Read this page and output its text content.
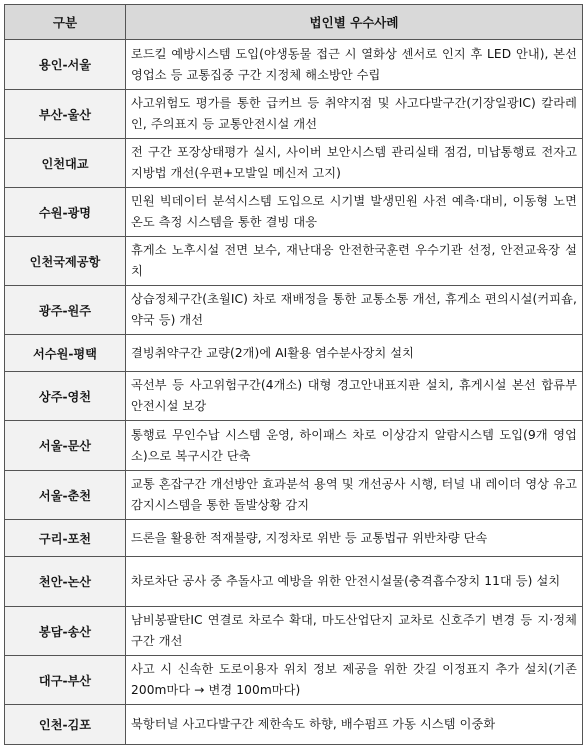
구분	법인별 우수사례
용인-서울	로드킬 예방시스템 도입(야생동물 접근 시 열화상 센서로 인지 후 LED 안내), 본선 영업소 등 교통집중 구간 지정체 해소방안 수립
부산-울산	사고위험도 평가를 통한 급커브 등 취약지점 및 사고다발구간(기장일광IC) 칼라레인, 주의표지 등 교통안전시설 개선
인천대교	전 구간 포장상태평가 실시, 사이버 보안시스템 관리실태 점검, 미납통행료 전자고지방법 개선(우편+모발일 메신저 고지)
수원-광명	민원 빅데이터 분석시스템 도입으로 시기별 발생민원 사전 예측·대비, 이동형 노면온도 측정 시스템을 통한 결빙 대응
인천국제공항	휴게소 노후시설 전면 보수, 재난대응 안전한국훈련 우수기관 선정, 안전교육장 설치
광주-원주	상습정체구간(초월IC) 차로 재배정을 통한 교통소통 개선, 휴게소 편의시설(커피숍, 약국 등) 개선
서수원-평택	결빙취약구간 교량(2개)에 AI활용 염수분사장치 설치
상주-영천	곡선부 등 사고위험구간(4개소) 대형 경고안내표지판 설치, 휴게시설 본선 합류부 안전시설 보강
서울-문산	통행료 무인수납 시스템 운영, 하이패스 차로 이상감지 알람시스템 도입(9개 영업소)으로 복구시간 단축
서울-춘천	교통 혼잡구간 개선방안 효과분석 용역 및 개선공사 시행, 터널 내 레이더 영상 유고감지시스템을 통한 돌발상황 감지
구리-포천	드론을 활용한 적재불량, 지정차로 위반 등 교통법규 위반차량 단속
천안-논산	차로차단 공사 중 추돌사고 예방을 위한 안전시설물(충격흡수장치 11대 등) 설치
봉담-송산	남비봉팔탄IC 연결로 차로수 확대, 마도산업단지 교차로 신호주기 변경 등 지·정체구간 개선
대구-부산	사고 시 신속한 도로이용자 위치 정보 제공을 위한 갓길 이정표지 추가 설치(기존 200m마다 → 변경 100m마다)
인천-김포	북항터널 사고다발구간 제한속도 하향, 배수펌프 가동 시스템 이중화
